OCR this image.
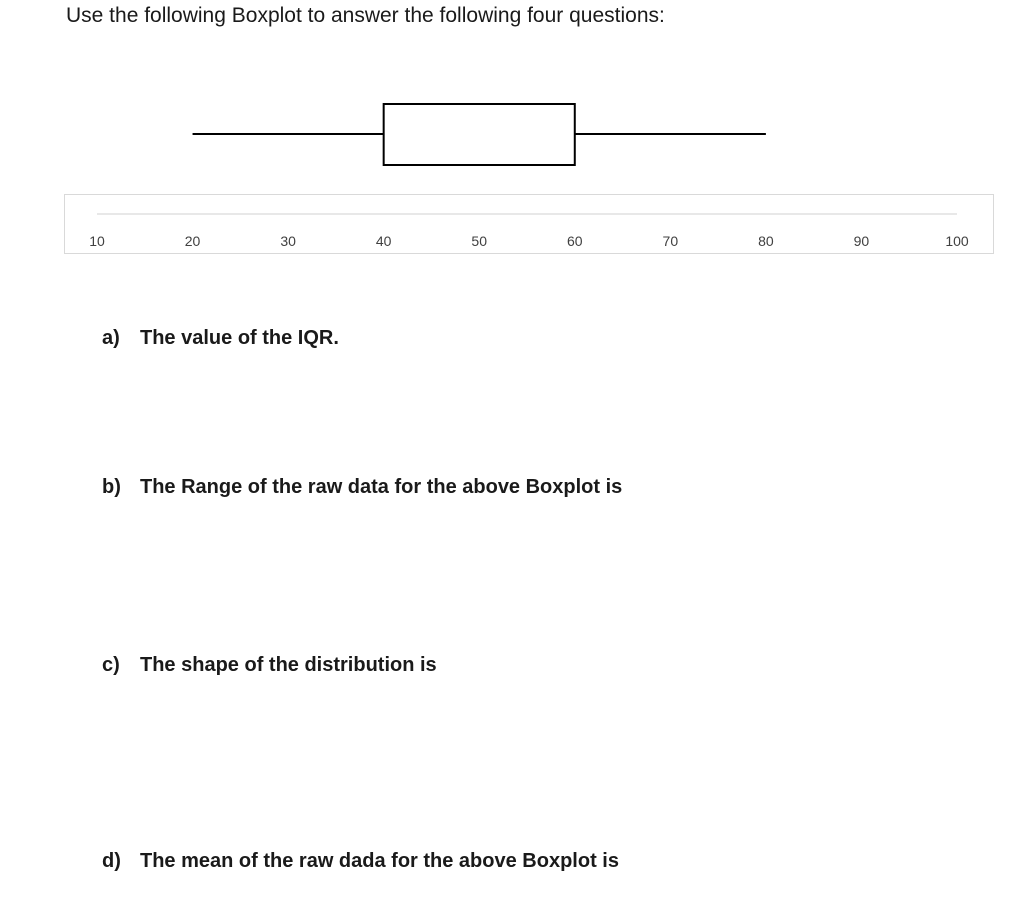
Use the following Boxplot to answer the following four questions:

10	20	30	40	50	60	70	80	90	100
a) The value of the IQR.
b) The Range of the raw data for the above Boxplot is
c) The shape of the distribution is
d) The mean of the raw dada for the above Boxplot is
